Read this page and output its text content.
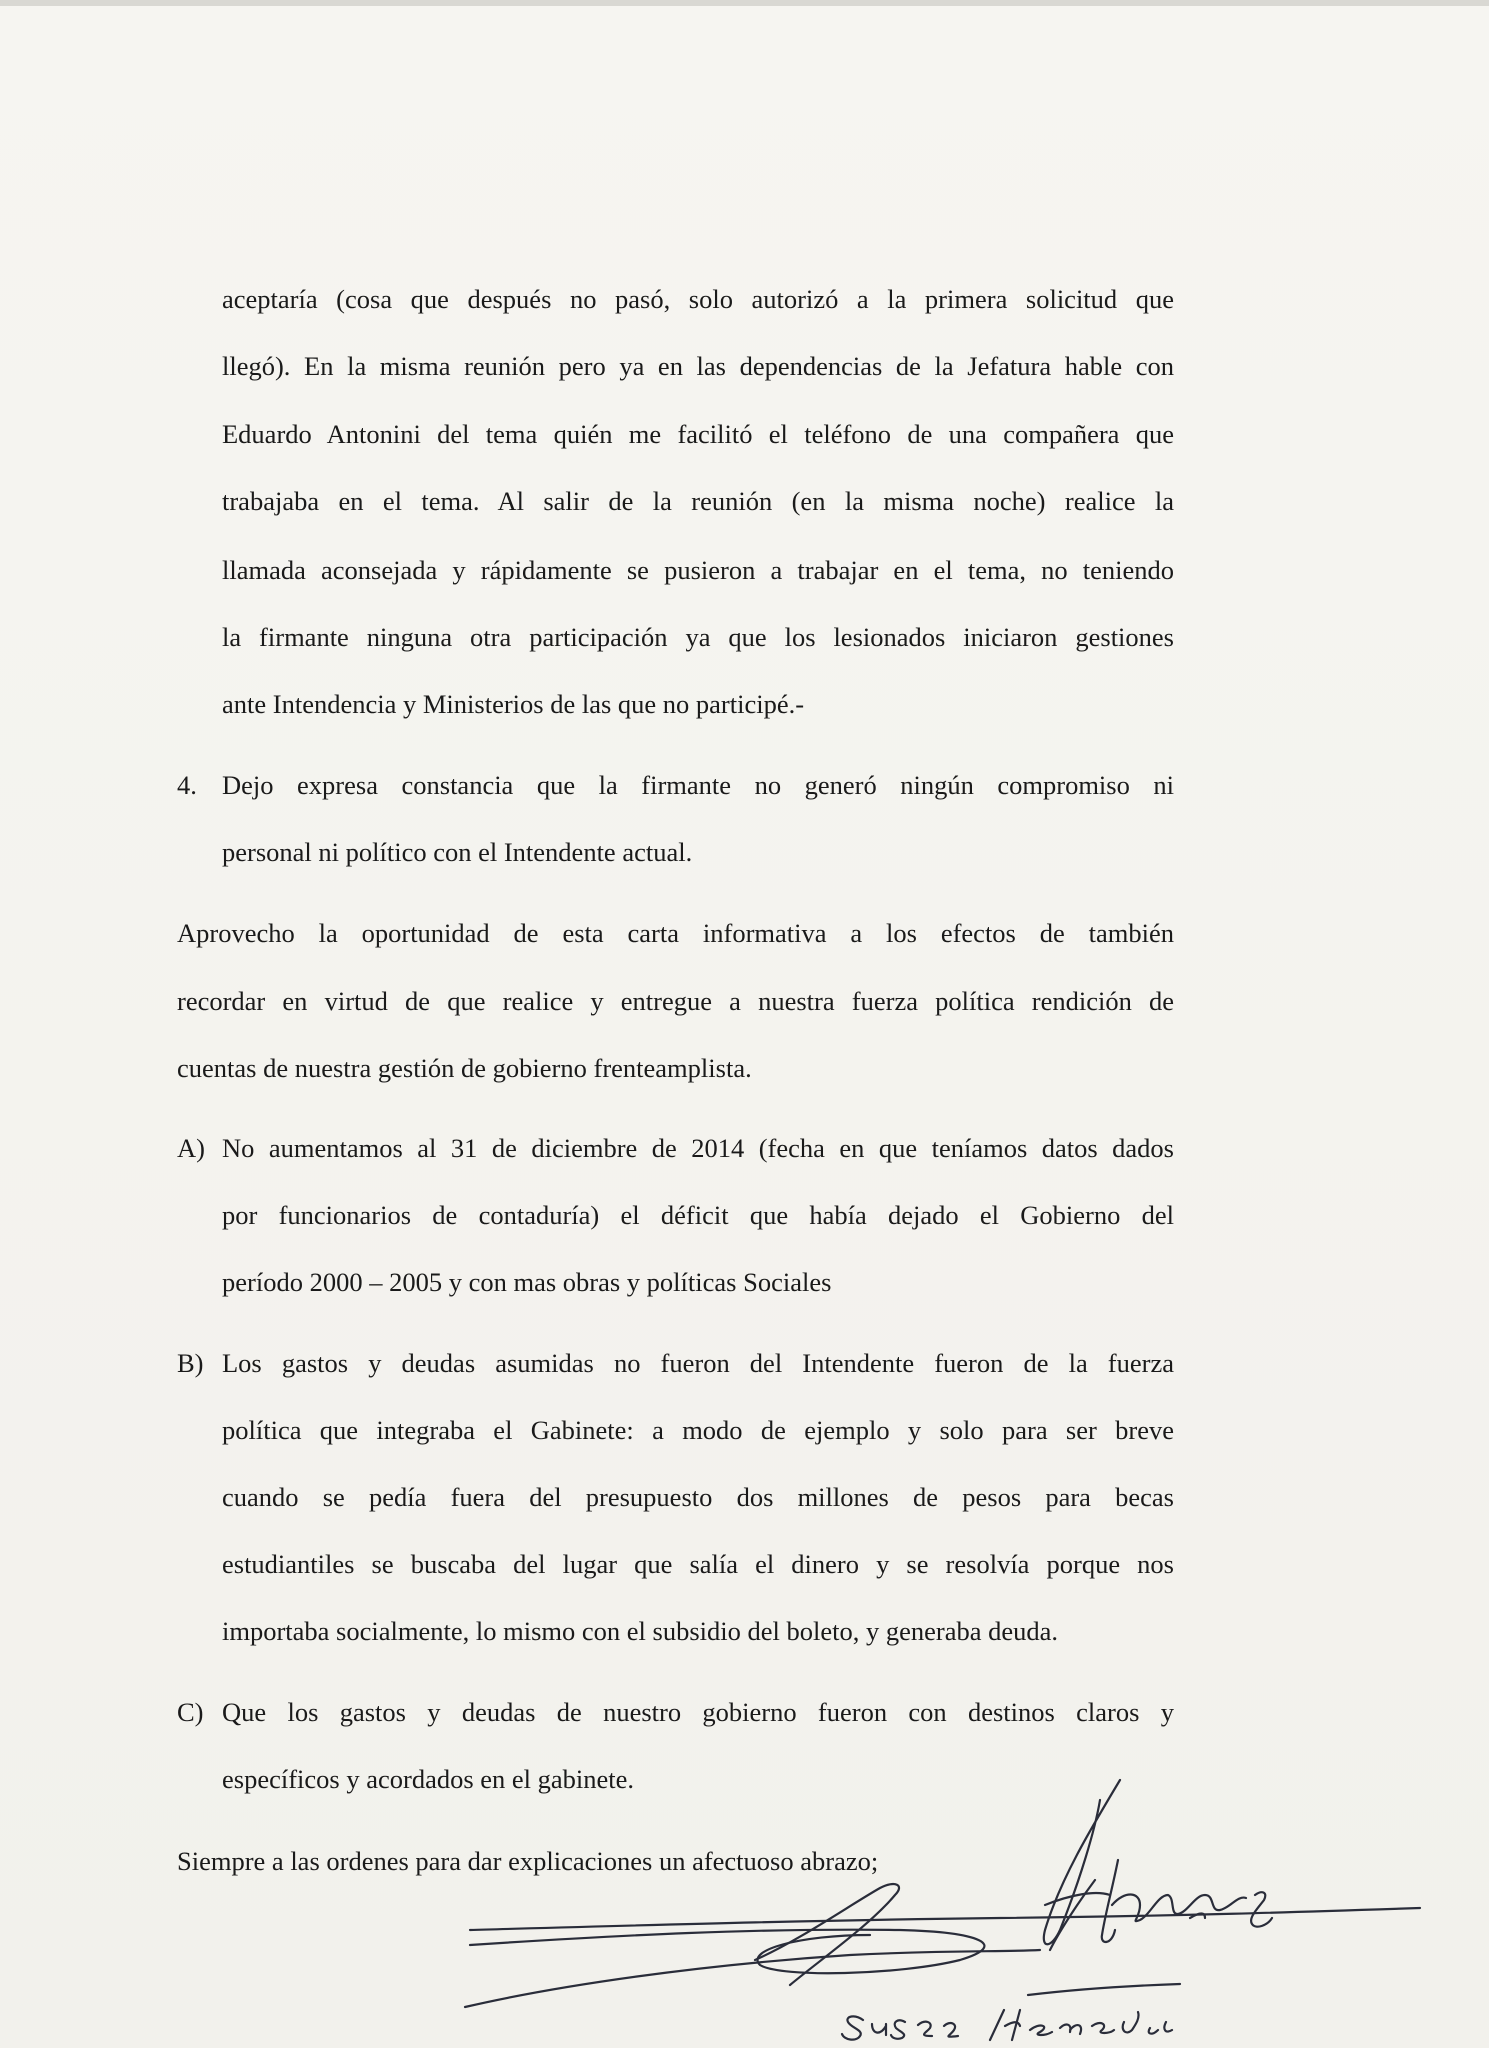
aceptaría (cosa que después no pasó, solo autorizó a la primera solicitud que
llegó). En la misma reunión pero ya en las dependencias de la Jefatura hable con
Eduardo Antonini del tema quién me facilitó el teléfono de una compañera que
trabajaba en el tema. Al salir de la reunión (en la misma noche) realice la
llamada aconsejada y rápidamente se pusieron a trabajar en el tema, no teniendo
la firmante ninguna otra participación ya que los lesionados iniciaron gestiones
ante Intendencia y Ministerios de las que no participé.-
4. Dejo expresa constancia que la firmante no generó ningún compromiso ni
personal ni político con el Intendente actual.
Aprovecho la oportunidad de esta carta informativa a los efectos de también
recordar en virtud de que realice y entregue a nuestra fuerza política rendición de
cuentas de nuestra gestión de gobierno frenteamplista.
A) No aumentamos al 31 de diciembre de 2014 (fecha en que teníamos datos dados
por funcionarios de contaduría) el déficit que había dejado el Gobierno del
período 2000 – 2005 y con mas obras y políticas Sociales
B) Los gastos y deudas asumidas no fueron del Intendente fueron de la fuerza
política que integraba el Gabinete: a modo de ejemplo y solo para ser breve
cuando se pedía fuera del presupuesto dos millones de pesos para becas
estudiantiles se buscaba del lugar que salía el dinero y se resolvía porque nos
importaba socialmente, lo mismo con el subsidio del boleto, y generaba deuda.
C) Que los gastos y deudas de nuestro gobierno fueron con destinos claros y
específicos y acordados en el gabinete.
Siempre a las ordenes para dar explicaciones un afectuoso abrazo;
